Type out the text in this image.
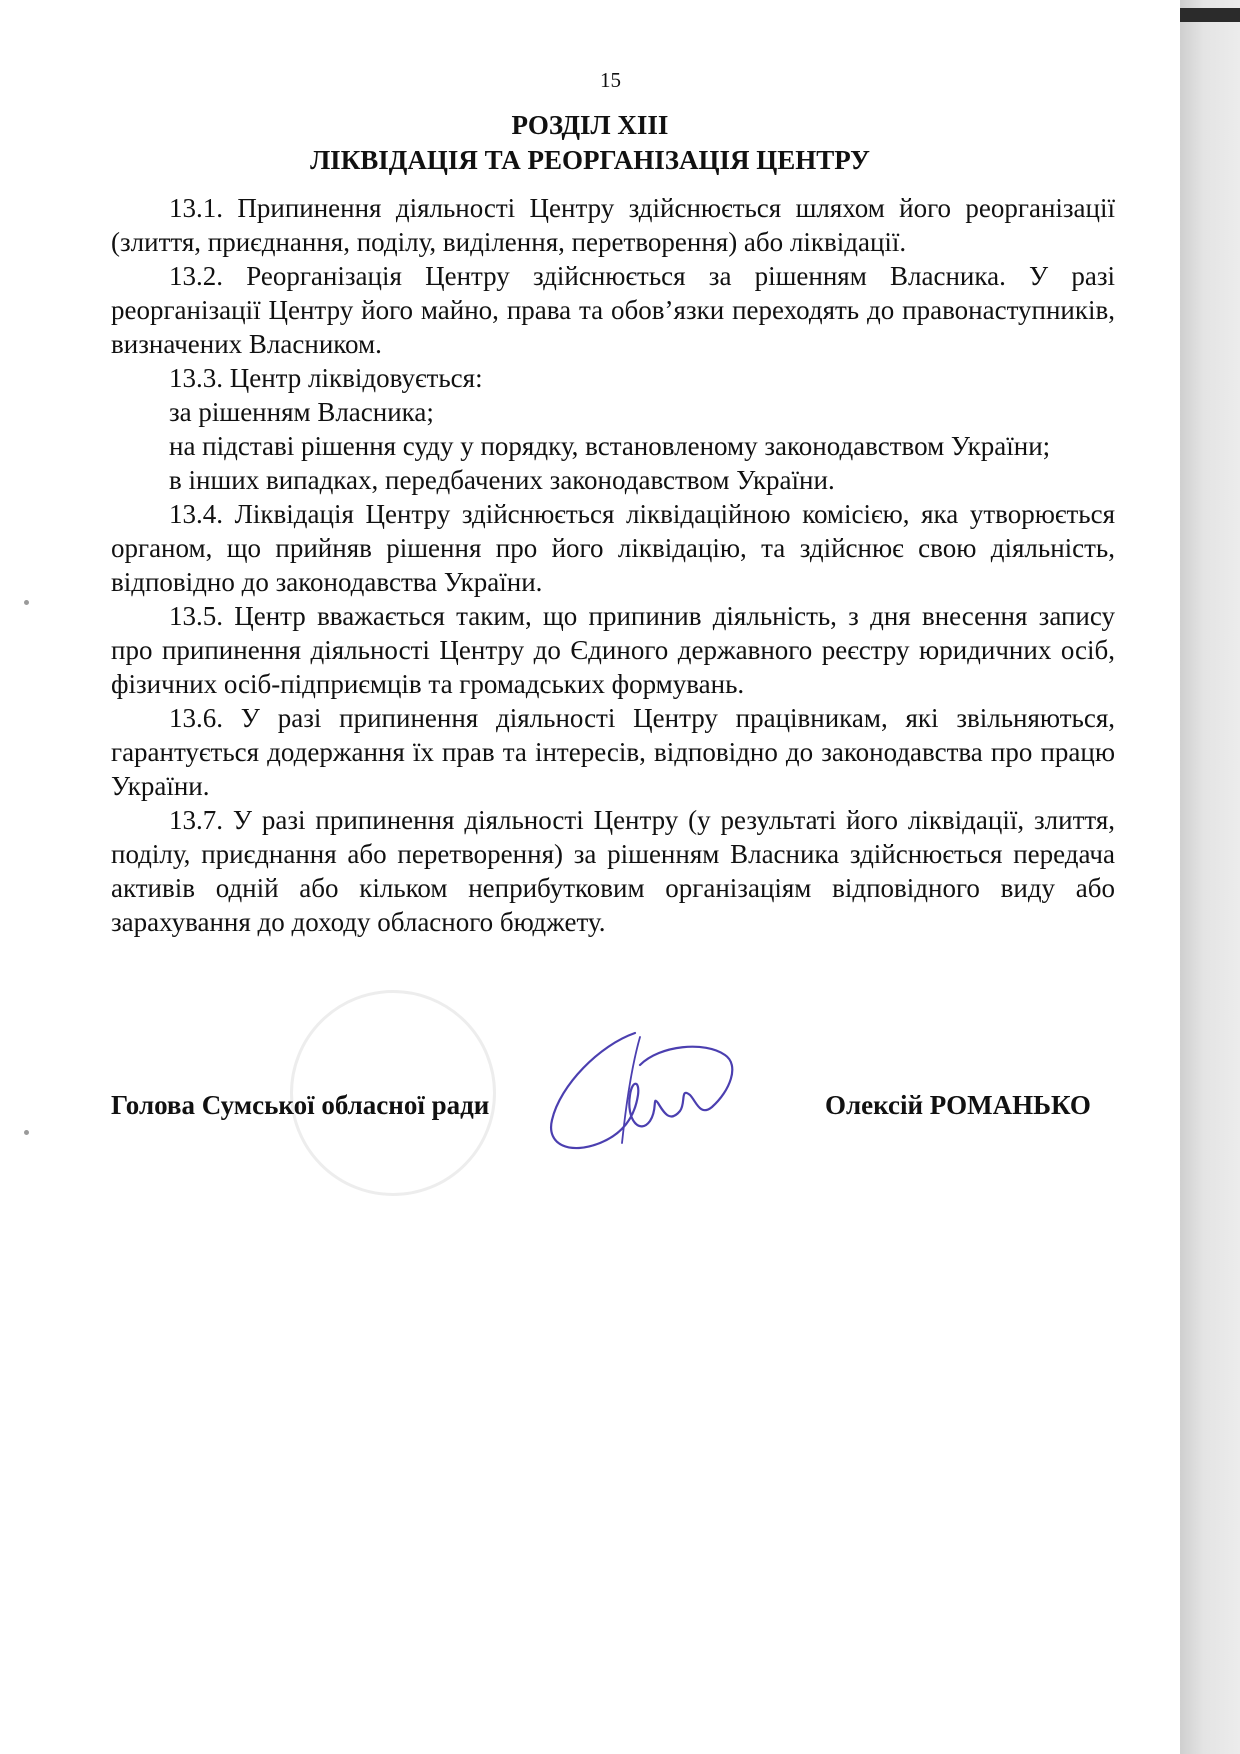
15
РОЗДІЛ XIII
ЛІКВІДАЦІЯ ТА РЕОРГАНІЗАЦІЯ ЦЕНТРУ

13.1. Припинення діяльності Центру здійснюється шляхом його реорганізації (злиття, приєднання, поділу, виділення, перетворення) або ліквідації.

13.2. Реорганізація Центру здійснюється за рішенням Власника. У разі реорганізації Центру його майно, права та обов’язки переходять до правонаступників, визначених Власником.

13.3. Центр ліквідовується:

за рішенням Власника;

на підставі рішення суду у порядку, встановленому законодавством України;

в інших випадках, передбачених законодавством України.

13.4. Ліквідація Центру здійснюється ліквідаційною комісією, яка утворюється органом, що прийняв рішення про його ліквідацію, та здійснює свою діяльність, відповідно до законодавства України.

13.5. Центр вважається таким, що припинив діяльність, з дня внесення запису про припинення діяльності Центру до Єдиного державного реєстру юридичних осіб, фізичних осіб-підприємців та громадських формувань.

13.6. У разі припинення діяльності Центру працівникам, які звільняються, гарантується додержання їх прав та інтересів, відповідно до законодавства про працю України.

13.7. У разі припинення діяльності Центру (у результаті його ліквідації, злиття, поділу, приєднання або перетворення) за рішенням Власника здійснюється передача активів одній або кільком неприбутковим організаціям відповідного виду або зарахування до доходу обласного бюджету.

Голова Сумської обласної ради	Олексій РОМАНЬКО
